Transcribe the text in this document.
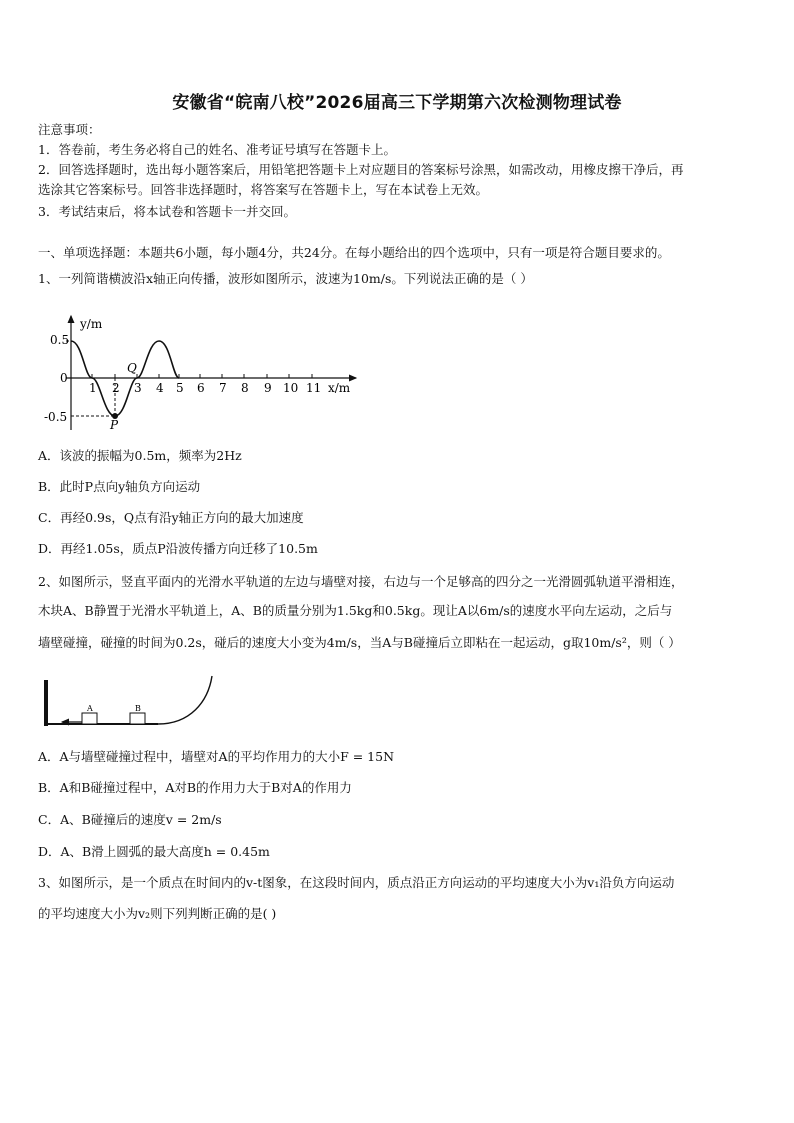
安徽省“皖南八校”2026届高三下学期第六次检测物理试卷
注意事项：
1．答卷前，考生务必将自己的姓名、准考证号填写在答题卡上。
2．回答选择题时，选出每小题答案后，用铅笔把答题卡上对应题目的答案标号涂黑，如需改动，用橡皮擦干净后，再
选涂其它答案标号。回答非选择题时，将答案写在答题卡上，写在本试卷上无效。
3．考试结束后，将本试卷和答题卡一并交回。
一、单项选择题：本题共6小题，每小题4分，共24分。在每小题给出的四个选项中，只有一项是符合题目要求的。
1、一列简谐横波沿x轴正向传播，波形如图所示，波速为10m/s。下列说法正确的是（ ）
y/m
x/m
0.5
0
-0.5
1 2 3 4 5 6 7 8 9 10 11
P
Q
A．该波的振幅为0.5m，频率为2Hz
B．此时P点向y轴负方向运动
C．再经0.9s，Q点有沿y轴正方向的最大加速度
D．再经1.05s，质点P沿波传播方向迁移了10.5m
2、如图所示，竖直平面内的光滑水平轨道的左边与墙壁对接，右边与一个足够高的四分之一光滑圆弧轨道平滑相连，
木块A、B静置于光滑水平轨道上，A、B的质量分别为1.5kg和0.5kg。现让A以6m/s的速度水平向左运动，之后与
墙壁碰撞，碰撞的时间为0.2s，碰后的速度大小变为4m/s，当A与B碰撞后立即粘在一起运动，g取10m/s²，则（ ）
A	B
A．A与墙壁碰撞过程中，墙壁对A的平均作用力的大小F = 15N
B．A和B碰撞过程中，A对B的作用力大于B对A的作用力
C．A、B碰撞后的速度v = 2m/s
D．A、B滑上圆弧的最大高度h = 0.45m
3、如图所示，是一个质点在时间内的v-t图象，在这段时间内，质点沿正方向运动的平均速度大小为v₁沿负方向运动
的平均速度大小为v₂则下列判断正确的是( )
